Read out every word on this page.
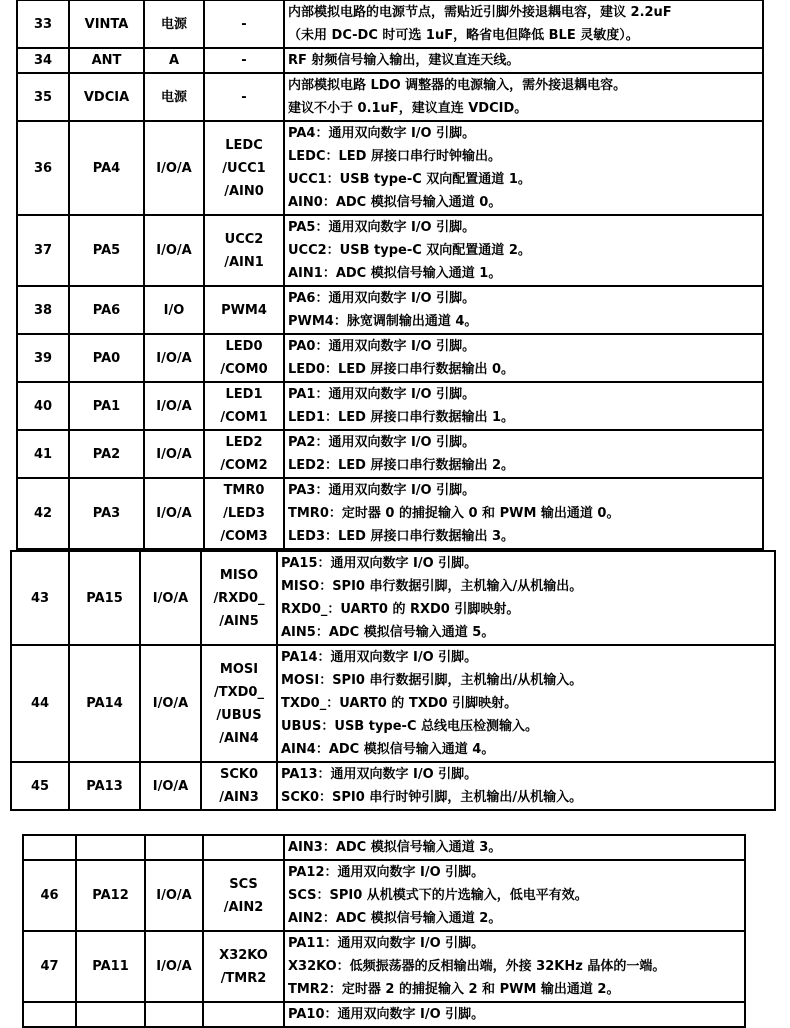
33	VINTA	电源	-	内部模拟电路的电源节点，需贴近引脚外接退耦电容，建议 2.2uF
（未用 DC-DC 时可选 1uF，略省电但降低 BLE 灵敏度）。

34	ANT	A	-	RF 射频信号输入输出，建议直连天线。

35	VDCIA	电源	-	内部模拟电路 LDO 调整器的电源输入，需外接退耦电容。
建议不小于 0.1uF，建议直连 VDCID。

36	PA4	I/O/A	LEDC
/UCC1
/AIN0	PA4：通用双向数字 I/O 引脚。
LEDC：LED 屏接口串行时钟输出。
UCC1：USB type-C 双向配置通道 1。
AIN0：ADC 模拟信号输入通道 0。

37	PA5	I/O/A	UCC2
/AIN1	PA5：通用双向数字 I/O 引脚。
UCC2：USB type-C 双向配置通道 2。
AIN1：ADC 模拟信号输入通道 1。

38	PA6	I/O	PWM4	PA6：通用双向数字 I/O 引脚。
PWM4：脉宽调制输出通道 4。

39	PA0	I/O/A	LED0
/COM0	PA0：通用双向数字 I/O 引脚。
LED0：LED 屏接口串行数据输出 0。

40	PA1	I/O/A	LED1
/COM1	PA1：通用双向数字 I/O 引脚。
LED1：LED 屏接口串行数据输出 1。

41	PA2	I/O/A	LED2
/COM2	PA2：通用双向数字 I/O 引脚。
LED2：LED 屏接口串行数据输出 2。

42	PA3	I/O/A	TMR0
/LED3
/COM3	PA3：通用双向数字 I/O 引脚。
TMR0：定时器 0 的捕捉输入 0 和 PWM 输出通道 0。
LED3：LED 屏接口串行数据输出 3。
43	PA15	I/O/A	MISO
/RXD0_
/AIN5	PA15：通用双向数字 I/O 引脚。
MISO：SPI0 串行数据引脚，主机输入/从机输出。
RXD0_：UART0 的 RXD0 引脚映射。
AIN5：ADC 模拟信号输入通道 5。

44	PA14	I/O/A	MOSI
/TXD0_
/UBUS
/AIN4	PA14：通用双向数字 I/O 引脚。
MOSI：SPI0 串行数据引脚，主机输出/从机输入。
TXD0_：UART0 的 TXD0 引脚映射。
UBUS：USB type-C 总线电压检测输入。
AIN4：ADC 模拟信号输入通道 4。

45	PA13	I/O/A	SCK0
/AIN3	PA13：通用双向数字 I/O 引脚。
SCK0：SPI0 串行时钟引脚，主机输出/从机输入。

				AIN3：ADC 模拟信号输入通道 3。

46	PA12	I/O/A	SCS
/AIN2	PA12：通用双向数字 I/O 引脚。
SCS：SPI0 从机模式下的片选输入，低电平有效。
AIN2：ADC 模拟信号输入通道 2。

47	PA11	I/O/A	X32KO
/TMR2	PA11：通用双向数字 I/O 引脚。
X32KO：低频振荡器的反相输出端，外接 32KHz 晶体的一端。
TMR2：定时器 2 的捕捉输入 2 和 PWM 输出通道 2。

				PA10：通用双向数字 I/O 引脚。
